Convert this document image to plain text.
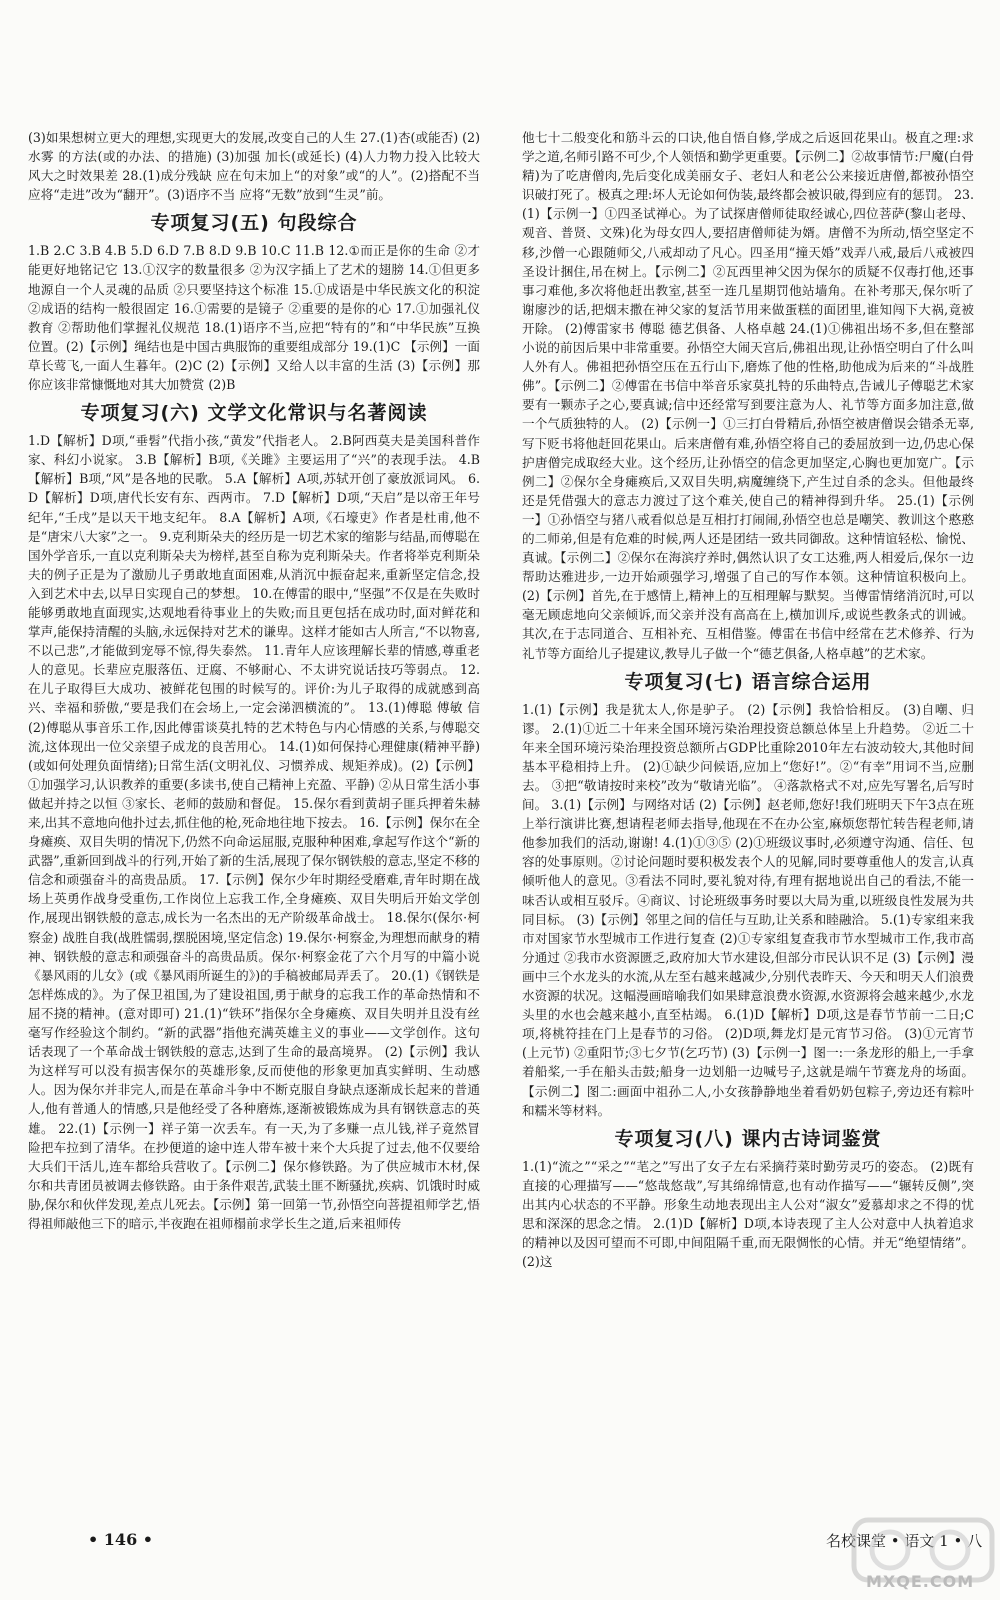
(3)如果想树立更大的理想,实现更大的发展,改变自己的人生 27.(1)杏(或能否) (2)水雾 的方法(或的办法、的措施) (3)加强 加长(或延长) (4)人力物力投入比较大 风大之时效果差 28.(1)成分残缺 应在句末加上“的对象”或“的人”。(2)搭配不当 应将“走进”改为“翻开”。(3)语序不当 应将“无数”放到“生灵”前。
专项复习(五) 句段综合
1.B 2.C 3.B 4.B 5.D 6.D 7.B 8.D 9.B 10.C 11.B 12.①而正是你的生命 ②才能更好地铭记它 13.①汉字的数量很多 ②为汉字插上了艺术的翅膀 14.①但更多地源自一个人灵魂的品质 ②只要坚持这个标准 15.①成语是中华民族文化的积淀 ②成语的结构一般很固定 16.①需要的是镜子 ②重要的是你的心 17.①加强礼仪教育 ②帮助他们掌握礼仪规范 18.(1)语序不当,应把“特有的”和“中华民族”互换位置。(2)【示例】绳结也是中国古典服饰的重要组成部分 19.(1)C 【示例】一面草长莺飞,一面人生暮年。(2)C (2)【示例】又给人以丰富的生活 (3)【示例】那你应该非常慷慨地对其大加赞赏 (2)B
专项复习(六) 文学文化常识与名著阅读
1.D【解析】D项,“垂髫”代指小孩,“黄发”代指老人。 2.B阿西莫夫是美国科普作家、科幻小说家。 3.B【解析】B项,《关雎》主要运用了“兴”的表现手法。 4.B【解析】B项,“风”是各地的民歌。 5.A【解析】A项,苏轼开创了豪放派词风。 6.D【解析】D项,唐代长安有东、西两市。 7.D【解析】D项,“天启”是以帝王年号纪年,“壬戌”是以天干地支纪年。 8.A【解析】A项,《石壕吏》作者是杜甫,他不是“唐宋八大家”之一。 9.克利斯朵夫的经历是一切艺术家的缩影与结晶,而傅聪在国外学音乐,一直以克利斯朵夫为榜样,甚至自称为克利斯朵夫。作者将举克利斯朵夫的例子正是为了激励儿子勇敢地直面困难,从消沉中振奋起来,重新坚定信念,投入到艺术中去,以早日实现自己的梦想。 10.在傅雷的眼中,“坚强”不仅是在失败时能够勇敢地直面现实,达观地看待事业上的失败;而且更包括在成功时,面对鲜花和掌声,能保持清醒的头脑,永远保持对艺术的谦卑。这样才能如古人所言,“不以物喜,不以己悲”,才能做到宠辱不惊,得失泰然。 11.青年人应该理解长辈的情感,尊重老人的意见。长辈应克服落伍、迂腐、不够耐心、不太讲究说话技巧等弱点。 12.在儿子取得巨大成功、被鲜花包围的时候写的。评价:为儿子取得的成就感到高兴、幸福和骄傲,“要是我们在会场上,一定会涕泗横流的”。 13.(1)傅聪 傅敏 信 (2)傅聪从事音乐工作,因此傅雷谈莫扎特的艺术特色与内心情感的关系,与傅聪交流,这体现出一位父亲望子成龙的良苦用心。 14.(1)如何保持心理健康(精神平静)(或如何处理负面情绪);日常生活(文明礼仪、习惯养成、规矩养成)。(2)【示例】①加强学习,认识教养的重要(多读书,使自己精神上充盈、平静) ②从日常生活小事做起并持之以恒 ③家长、老师的鼓励和督促。 15.保尔看到黄胡子匪兵押着朱赫来,出其不意地向他扑过去,抓住他的枪,死命地往地下按去。 16.【示例】保尔在全身瘫痪、双目失明的情况下,仍然不向命运屈服,克服种种困难,拿起写作这个“新的武器”,重新回到战斗的行列,开始了新的生活,展现了保尔钢铁般的意志,坚定不移的信念和顽强奋斗的高贵品质。 17.【示例】保尔少年时期经受磨难,青年时期在战场上英勇作战身受重伤,工作岗位上忘我工作,全身瘫痪、双目失明后开始文学创作,展现出钢铁般的意志,成长为一名杰出的无产阶级革命战士。 18.保尔(保尔·柯察金) 战胜自我(战胜懦弱,摆脱困境,坚定信念) 19.保尔·柯察金,为理想而献身的精神、钢铁般的意志和顽强奋斗的高贵品质。保尔·柯察金花了六个月写的中篇小说《暴风雨的儿女》(或《暴风雨所诞生的》)的手稿被邮局弄丢了。 20.(1)《钢铁是怎样炼成的》。为了保卫祖国,为了建设祖国,勇于献身的忘我工作的革命热情和不屈不挠的精神。(意对即可) 21.(1)“铁环”指保尔全身瘫痪、双目失明并且没有丝毫写作经验这个制约。“新的武器”指他充满英雄主义的事业——文学创作。这句话表现了一个革命战士钢铁般的意志,达到了生命的最高境界。 (2)【示例】我认为这样写可以没有损害保尔的英雄形象,反而使他的形象更加真实鲜明、生动感人。因为保尔并非完人,而是在革命斗争中不断克服自身缺点逐渐成长起来的普通人,他有普通人的情感,只是他经受了各种磨炼,逐渐被锻炼成为具有钢铁意志的英雄。 22.(1)【示例一】祥子第一次丢车。有一天,为了多赚一点儿钱,祥子竟然冒险把车拉到了清华。在抄便道的途中连人带车被十来个大兵捉了过去,他不仅要给大兵们干活儿,连车都给兵营收了。【示例二】保尔修铁路。为了供应城市木材,保尔和共青团员被调去修铁路。由于条件艰苦,武装土匪不断骚扰,疾病、饥饿时时威胁,保尔和伙伴发现,差点儿死去。【示例】第一回第一节,孙悟空向菩提祖师学艺,悟得祖师敲他三下的暗示,半夜跑在祖师榻前求学长生之道,后来祖师传
他七十二般变化和筋斗云的口诀,他自悟自修,学成之后返回花果山。极直之理:求学之道,名师引路不可少,个人领悟和勤学更重要。【示例二】②故事情节:尸魔(白骨精)为了吃唐僧肉,先后变化成美丽女子、老妇人和老公公来接近唐僧,都被孙悟空识破打死了。极真之理:坏人无论如何伪装,最终都会被识破,得到应有的惩罚。 23.(1)【示例一】①四圣试禅心。为了试探唐僧师徒取经诚心,四位菩萨(黎山老母、观音、普贤、文殊)化为母女四人,要招唐僧师徒为婿。唐僧不为所动,悟空坚定不移,沙僧一心跟随师父,八戒却动了凡心。四圣用“撞天婚”戏弄八戒,最后八戒被四圣设计捆住,吊在树上。【示例二】②瓦西里神父因为保尔的质疑不仅毒打他,还事事刁难他,多次将他赶出教室,甚至一连几星期罚他站墙角。在补考那天,保尔听了谢廖沙的话,把烟末撒在神父家的复活节用来做蛋糕的面团里,谁知闯下大祸,竟被开除。 (2)傅雷家书 傅聪 德艺俱备、人格卓越 24.(1)①佛祖出场不多,但在整部小说的前因后果中非常重要。孙悟空大闹天宫后,佛祖出现,让孙悟空明白了什么叫人外有人。佛祖把孙悟空压在五行山下,磨炼了他的性格,助他成为后来的“斗战胜佛”。【示例二】②傅雷在书信中举音乐家莫扎特的乐曲特点,告诫儿子傅聪艺术家要有一颗赤子之心,要真诚;信中还经常写到要注意为人、礼节等方面多加注意,做一个气质独特的人。 (2)【示例一】①三打白骨精后,孙悟空被唐僧误会错杀无辜,写下贬书将他赶回花果山。后来唐僧有难,孙悟空将自己的委屈放到一边,仍忠心保护唐僧完成取经大业。这个经历,让孙悟空的信念更加坚定,心胸也更加宽广。【示例二】②保尔全身瘫痪后,又双目失明,病魔缠绕下,产生过自杀的念头。但他最终还是凭借强大的意志力渡过了这个难关,使自己的精神得到升华。 25.(1)【示例一】①孙悟空与猪八戒看似总是互相打打闹闹,孙悟空也总是嘲笑、教训这个憨憨的二师弟,但是有危难的时候,两人还是团结一致共同御敌。这种情谊轻松、愉悦、真诚。【示例二】②保尔在海滨疗养时,偶然认识了女工达雅,两人相爱后,保尔一边帮助达雅进步,一边开始顽强学习,增强了自己的写作本领。这种情谊积极向上。 (2)【示例】首先,在于感情上,精神上的互相理解与默契。当傅雷情绪消沉时,可以毫无顾虑地向父亲倾诉,而父亲并没有高高在上,横加训斥,或说些教条式的训诫。其次,在于志同道合、互相补充、互相借鉴。傅雷在书信中经常在艺术修养、行为礼节等方面给儿子提建议,教导儿子做一个“德艺俱备,人格卓越”的艺术家。
专项复习(七) 语言综合运用
1.(1)【示例】我是犹太人,你是驴子。 (2)【示例】我恰恰相反。 (3)自嘲、归谬。 2.(1)①近二十年来全国环境污染治理投资总额总体呈上升趋势。 ②近二十年来全国环境污染治理投资总额所占GDP比重除2010年左右波动较大,其他时间基本平稳相持上升。 (2)①缺少问候语,应加上“您好!”。②“有幸”用词不当,应删去。 ③把“敬请按时来校”改为“敬请光临”。 ④落款格式不对,应先写署名,后写时间。 3.(1)【示例】与网络对话 (2)【示例】赵老师,您好!我们班明天下午3点在班上举行演讲比赛,想请程老师去指导,他现在不在办公室,麻烦您帮忙转告程老师,请他参加我们的活动,谢谢! 4.(1)①③⑤ (2)①班级议事时,必须遵守沟通、信任、包容的处事原则。②讨论问题时要积极发表个人的见解,同时要尊重他人的发言,认真倾听他人的意见。③看法不同时,要礼貌对待,有理有据地说出自己的看法,不能一味否认或相互驳斥。④商议、讨论班级事务时要以大局为重,以班级良性发展为共同目标。 (3)【示例】邻里之间的信任与互助,让关系和睦融洽。 5.(1)专家组来我市对国家节水型城市工作进行复查 (2)①专家组复查我市节水型城市工作,我市高分通过 ②我市水资源匮乏,政府加大节水建设,但部分市民认识不足 (3)【示例】漫画中三个水龙头的水流,从左至右越来越减少,分别代表昨天、今天和明天人们浪费水资源的状况。这幅漫画暗喻我们如果肆意浪费水资源,水资源将会越来越少,水龙头里的水也会越来越小,直至枯竭。 6.(1)D【解析】D项,这是春节节前一二日;C项,将桃符挂在门上是春节的习俗。 (2)D项,舞龙灯是元宵节习俗。 (3)①元宵节(上元节) ②重阳节;③七夕节(乞巧节) (3)【示例一】图一:一条龙形的船上,一手拿着船桨,一手在船头击鼓;船身一边划船一边喊号子,这就是端午节赛龙舟的场面。【示例二】图二:画面中祖孙二人,小女孩静静地坐着看奶奶包粽子,旁边还有粽叶和糯米等材料。
专项复习(八) 课内古诗词鉴赏
1.(1)“流之”“采之”“芼之”写出了女子左右采摘荇菜时勤劳灵巧的姿态。 (2)既有直接的心理描写——“悠哉悠哉”,写其绵绵情意,也有动作描写——“辗转反侧”,突出其内心状态的不平静。形象生动地表现出主人公对“淑女”爱慕却求之不得的忧思和深深的思念之情。 2.(1)D【解析】D项,本诗表现了主人公对意中人执着追求的精神以及因可望而不可即,中间阻隔千重,而无限惆怅的心情。并无“绝望情绪”。 (2)这
• 146 •	名校课堂 • 语文 1 • 八
MXQE.COM
